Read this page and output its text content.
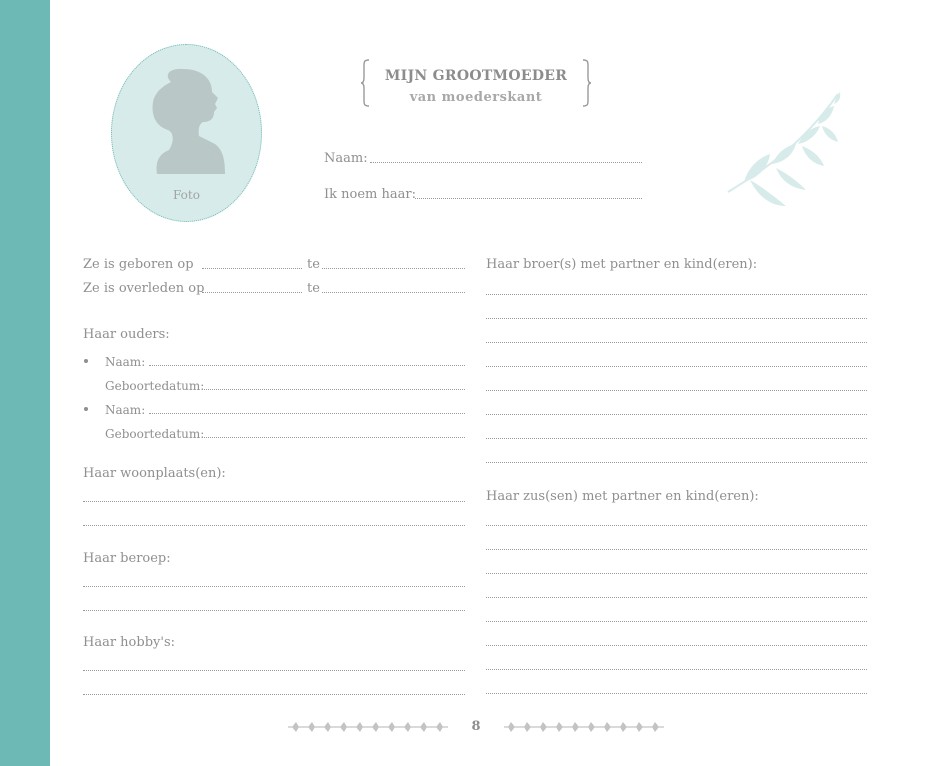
Foto
MIJN GROOTMOEDER
van moederskant
Naam:
Ik noem haar:
Ze is geboren op	te
Ze is overleden op	te
Haar ouders:
Naam:
Geboortedatum:
Naam:
Geboortedatum:
Haar woonplaats(en):
Haar beroep:
Haar hobby's:
Haar broer(s) met partner en kind(eren):
Haar zus(sen) met partner en kind(eren):
8
